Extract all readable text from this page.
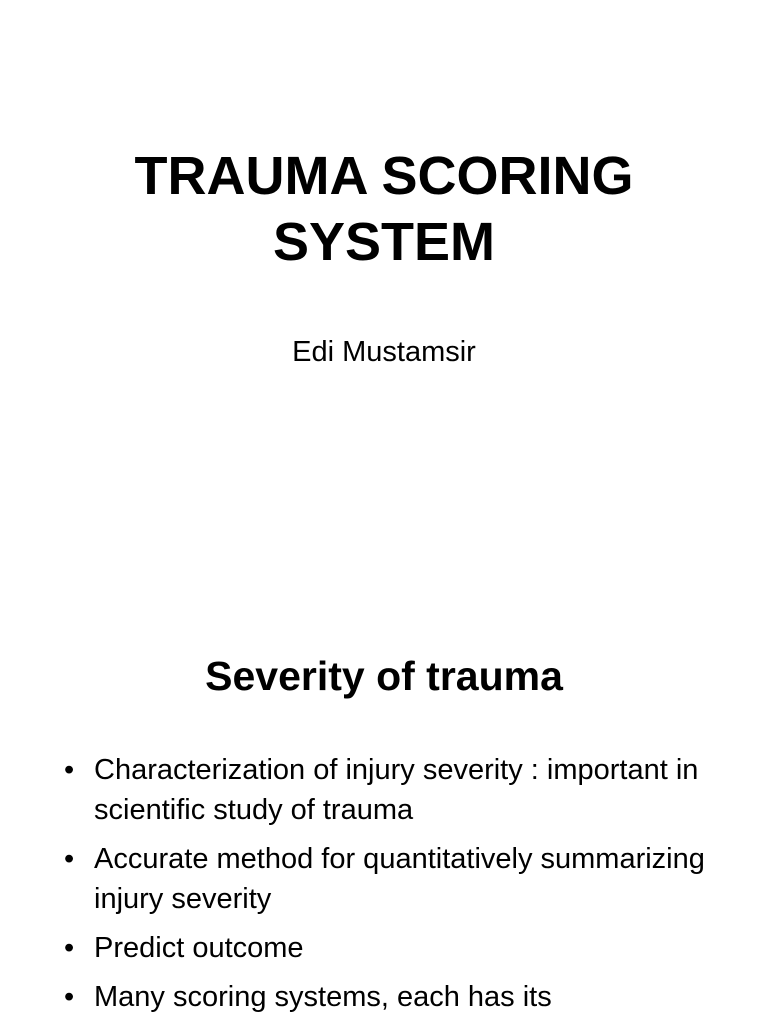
TRAUMA SCORING
SYSTEM

Edi Mustamsir

Severity of trauma
• Characterization of injury severity : important in scientific study of trauma
• Accurate method for quantitatively summarizing injury severity
• Predict outcome
• Many scoring systems, each has its
